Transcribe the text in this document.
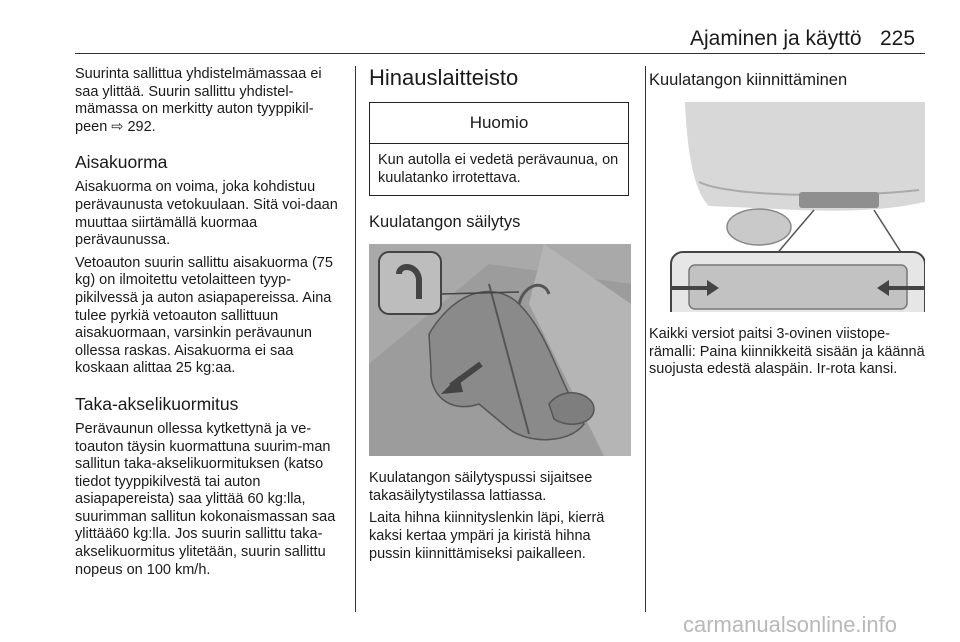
Ajaminen ja käyttö 225

Suurinta sallittua yhdistelmämassaa ei saa ylittää. Suurin sallittu yhdistel-mämassa on merkitty auton tyyppikil-peen ⇨ 292.

Aisakuorma

Aisakuorma on voima, joka kohdistuu perävaunusta vetokuulaan. Sitä voi-daan muuttaa siirtämällä kuormaa perävaunussa.

Vetoauton suurin sallittu aisakuorma (75 kg) on ilmoitettu vetolaitteen tyyp-pikilvessä ja auton asiapapereissa. Aina tulee pyrkiä vetoauton sallittuun aisakuormaan, varsinkin perävaunun ollessa raskas. Aisakuorma ei saa koskaan alittaa 25 kg:aa.

Taka-akselikuormitus

Perävaunun ollessa kytkettynä ja ve-toauton täysin kuormattuna suurim-man sallitun taka-akselikuormituksen (katso tiedot tyyppikilvestä tai auton asiapapereista) saa ylittää 60 kg:lla, suurimman sallitun kokonaismassan saa ylittää60 kg:lla. Jos suurin sallittu taka-akselikuormitus ylitetään, suurin sallittu nopeus on 100 km/h.

Hinauslaitteisto
Huomio

Kun autolla ei vedetä perävaunua, on kuulatanko irrotettava.

Kuulatangon säilytys

Kuulatangon säilytyspussi sijaitsee takasäilytystilassa lattiassa.

Laita hihna kiinnityslenkin läpi, kierrä kaksi kertaa ympäri ja kiristä hihna pussin kiinnittämiseksi paikalleen.

Kuulatangon kiinnittäminen

Kaikki versiot paitsi 3-ovinen viistope-rämalli: Paina kiinnikkeitä sisään ja käännä suojusta edestä alaspäin. Ir-rota kansi.

carmanualsonline.info
